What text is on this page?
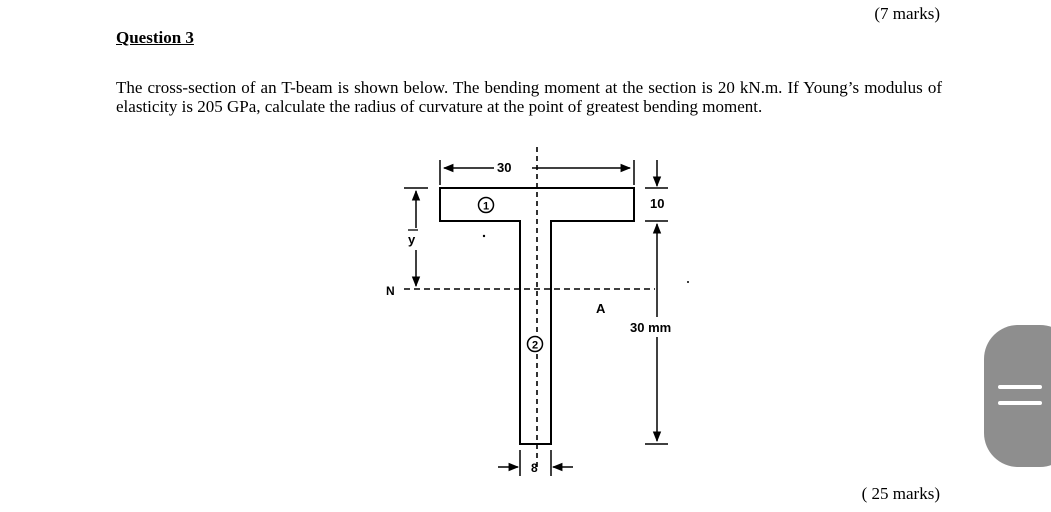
(7 marks)
Question 3
The cross-section of an T-beam is shown below. The bending moment at the section is 20 kN.m. If Young’s modulus of elasticity is 205 GPa, calculate the radius of curvature at the point of greatest bending moment.
N
A
30
10
30 mm
y
1
2
8
( 25 marks)
